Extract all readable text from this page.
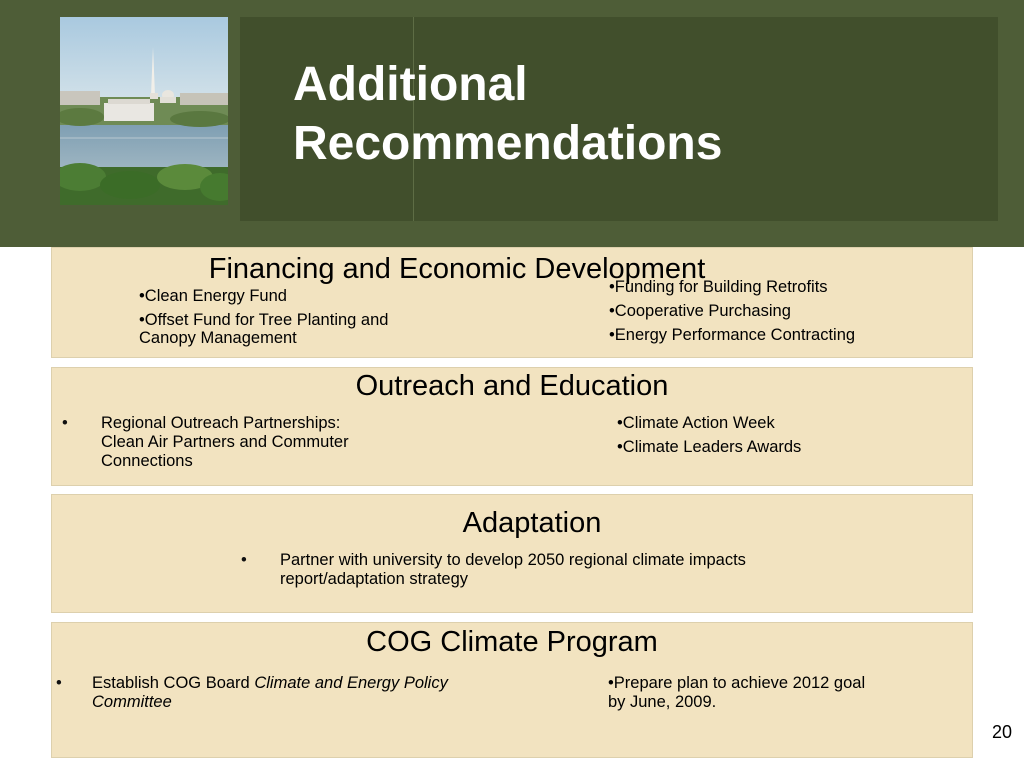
Additional
Recommendations
Financing and Economic Development
•Clean Energy Fund
•Offset Fund for Tree Planting and
Canopy Management
•Funding for Building Retrofits
•Cooperative Purchasing
•Energy Performance Contracting
Outreach and Education
• Regional Outreach Partnerships:
Clean Air Partners and Commuter
Connections
•Climate Action Week
•Climate Leaders Awards
Adaptation
• Partner with university to develop 2050 regional climate impacts
report/adaptation strategy
COG Climate Program
• Establish COG Board Climate and Energy Policy
Committee
•Prepare plan to achieve 2012 goal
by June, 2009.
20
